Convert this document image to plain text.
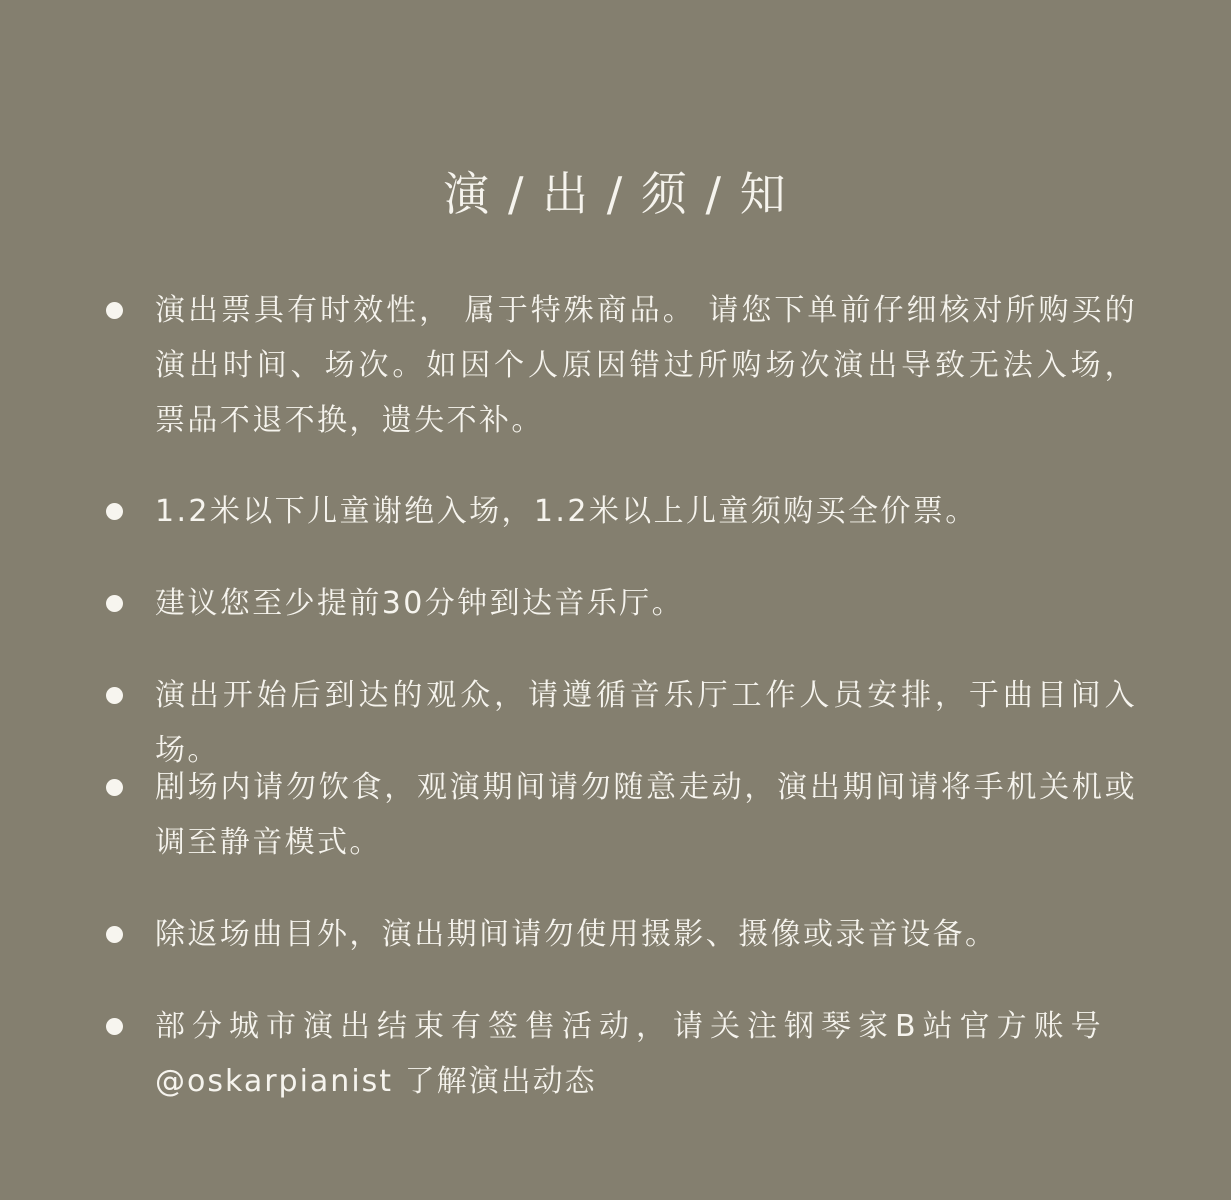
演 / 出 / 须 / 知
演出票具有时效性， 属于特殊商品。 请您下单前仔细核对所购买的演出时间、场次。如因个人原因错过所购场次演出导致无法入场， 票品不退不换，遗失不补。
1.2米以下儿童谢绝入场，1.2米以上儿童须购买全价票。
建议您至少提前30分钟到达音乐厅。
演出开始后到达的观众，请遵循音乐厅工作人员安排，于曲目间入场。
剧场内请勿饮食，观演期间请勿随意走动，演出期间请将手机关机或调至静音模式。
除返场曲目外，演出期间请勿使用摄影、摄像或录音设备。
部分城市演出结束有签售活动，请关注钢琴家B站官方账号
@oskarpianist 了解演出动态
